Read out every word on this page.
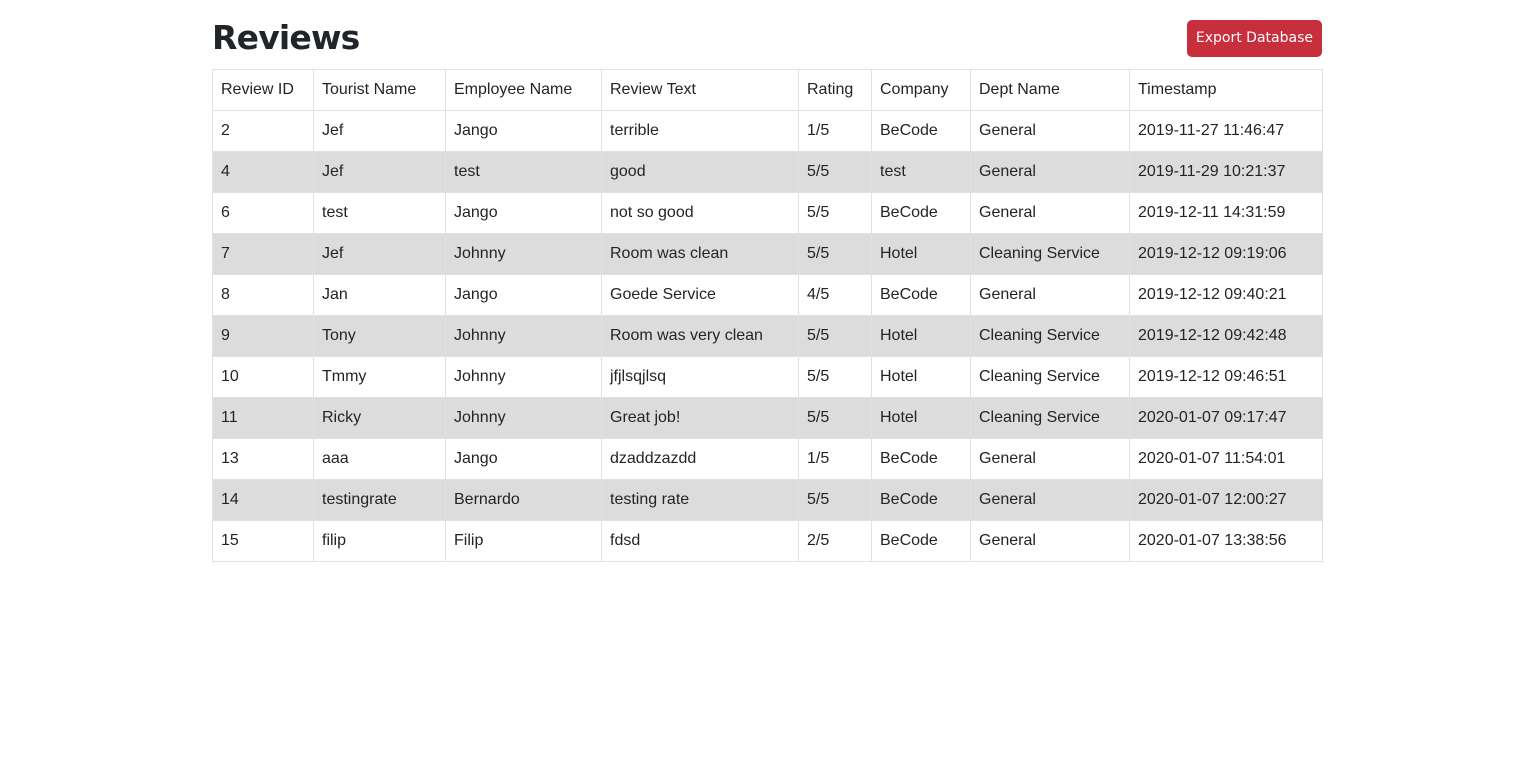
Reviews	Export Database
Review ID	Tourist Name	Employee Name	Review Text	Rating	Company	Dept Name	Timestamp
2	Jef	Jango	terrible	1/5	BeCode	General	2019-11-27 11:46:47
4	Jef	test	good	5/5	test	General	2019-11-29 10:21:37
6	test	Jango	not so good	5/5	BeCode	General	2019-12-11 14:31:59
7	Jef	Johnny	Room was clean	5/5	Hotel	Cleaning Service	2019-12-12 09:19:06
8	Jan	Jango	Goede Service	4/5	BeCode	General	2019-12-12 09:40:21
9	Tony	Johnny	Room was very clean	5/5	Hotel	Cleaning Service	2019-12-12 09:42:48
10	Tmmy	Johnny	jfjlsqjlsq	5/5	Hotel	Cleaning Service	2019-12-12 09:46:51
11	Ricky	Johnny	Great job!	5/5	Hotel	Cleaning Service	2020-01-07 09:17:47
13	aaa	Jango	dzaddzazdd	1/5	BeCode	General	2020-01-07 11:54:01
14	testingrate	Bernardo	testing rate	5/5	BeCode	General	2020-01-07 12:00:27
15	filip	Filip	fdsd	2/5	BeCode	General	2020-01-07 13:38:56
